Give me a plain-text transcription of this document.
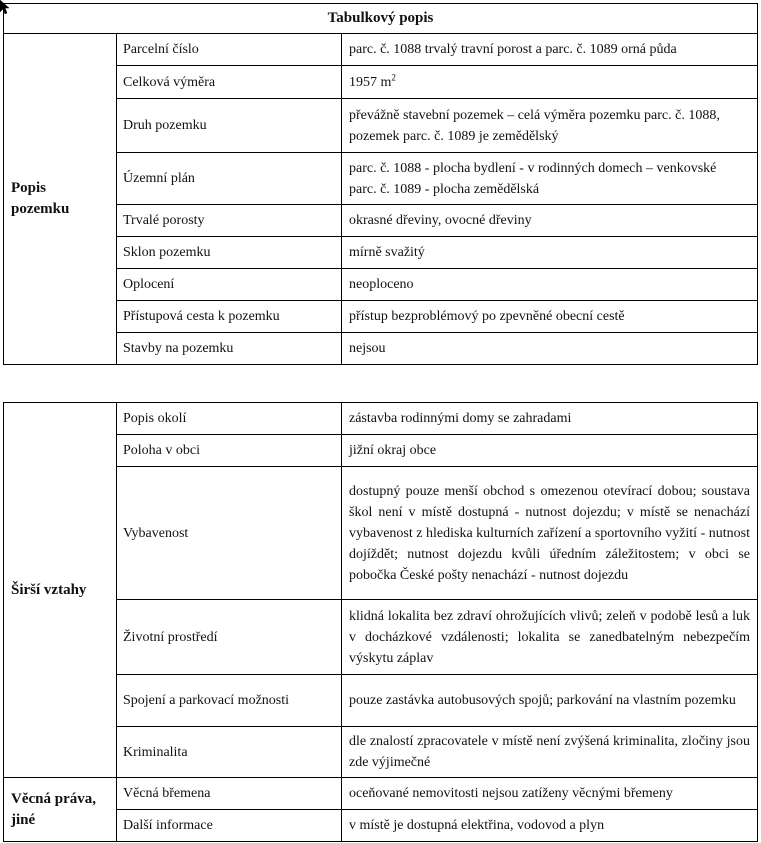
Tabulkový popis		
Popis
pozemku	Parcelní číslo	parc. č. 1088 trvalý travní porost a parc. č. 1089 orná půda
	Celková výměra	1957 $m^2$
	Druh pozemku	převážně stavební pozemek – celá výměra pozemku parc. č. 1088, pozemek parc. č. 1089 je zemědělský
	Územní plán	parc. č. 1088 - plocha bydlení - v rodinných domech – venkovské
parc. č. 1089 - plocha zemědělská
	Trvalé porosty	okrasné dřeviny, ovocné dřeviny
	Sklon pozemku	mírně svažitý
	Oplocení	neoploceno
	Přístupová cesta k pozemku	přístup bezproblémový po zpevněné obecní cestě
	Stavby na pozemku	nejsou
Širší vztahy	Popis okolí	zástavba rodinnými domy se zahradami
	Poloha v obci	jižní okraj obce
	Vybavenost	dostupný pouze menší obchod s omezenou otevírací dobou; soustava škol není v místě dostupná - nutnost dojezdu; v místě se nenachází vybavenost z hlediska kulturních zařízení a sportovního vyžití - nutnost dojíždět; nutnost dojezdu kvůli úředním záležitostem; v obci se pobočka České pošty nenachází - nutnost dojezdu
	Životní prostředí	klidná lokalita bez zdraví ohrožujících vlivů; zeleň v podobě lesů a luk v docházkové vzdálenosti; lokalita se zanedbatelným nebezpečím výskytu záplav
	Spojení a parkovací možnosti	pouze zastávka autobusových spojů; parkování na vlastním pozemku
	Kriminalita	dle znalostí zpracovatele v místě není zvýšená kriminalita, zločiny jsou zde výjimečné
Věcná práva,
jiné	Věcná břemena	oceňované nemovitosti nejsou zatíženy věcnými břemeny
	Další informace	v místě je dostupná elektřina, vodovod a plyn
